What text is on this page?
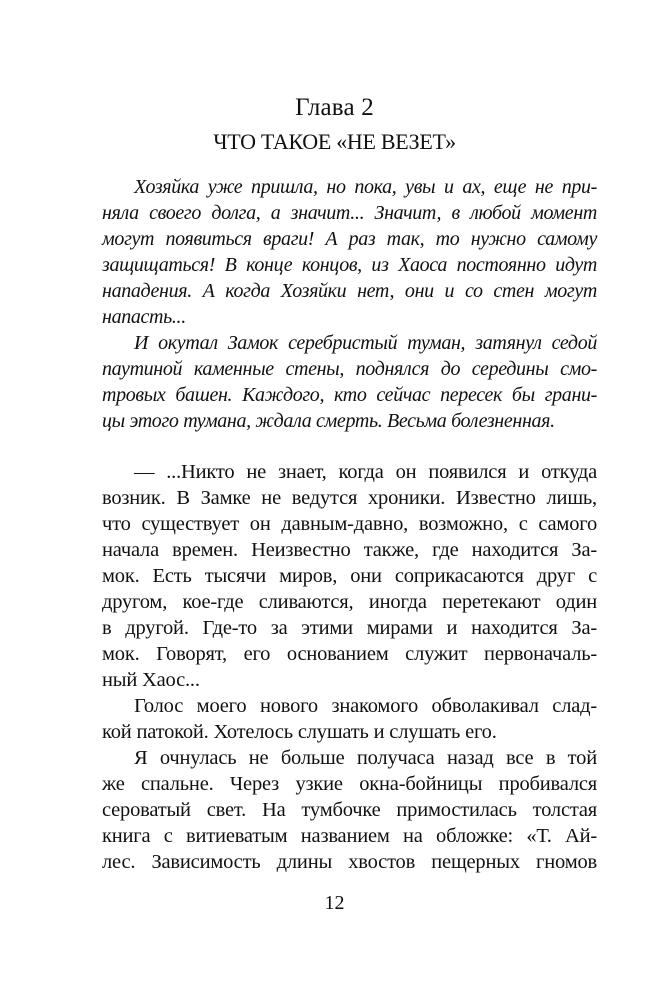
Глава 2
ЧТО ТАКОЕ «НЕ ВЕЗЕТ»

Хозяйка уже пришла, но пока, увы и ах, еще не при-
няла своего долга, а значит... Значит, в любой момент
могут появиться враги! А раз так, то нужно самому
защищаться! В конце концов, из Хаоса постоянно идут
нападения. А когда Хозяйки нет, они и со стен могут
напасть...

И окутал Замок серебристый туман, затянул седой
паутиной каменные стены, поднялся до середины смо-
тровых башен. Каждого, кто сейчас пересек бы грани-
цы этого тумана, ждала смерть. Весьма болезненная.

— ...Никто не знает, когда он появился и откуда
возник. В Замке не ведутся хроники. Известно лишь,
что существует он давным-давно, возможно, с самого
начала времен. Неизвестно также, где находится За-
мок. Есть тысячи миров, они соприкасаются друг с
другом, кое-где сливаются, иногда перетекают один
в другой. Где-то за этими мирами и находится За-
мок. Говорят, его основанием служит первоначаль-
ный Хаос...

Голос моего нового знакомого обволакивал слад-
кой патокой. Хотелось слушать и слушать его.

Я очнулась не больше получаса назад все в той
же спальне. Через узкие окна-бойницы пробивался
сероватый свет. На тумбочке примостилась толстая
книга с витиеватым названием на обложке: «Т. Ай-
лес. Зависимость длины хвостов пещерных гномов

12
